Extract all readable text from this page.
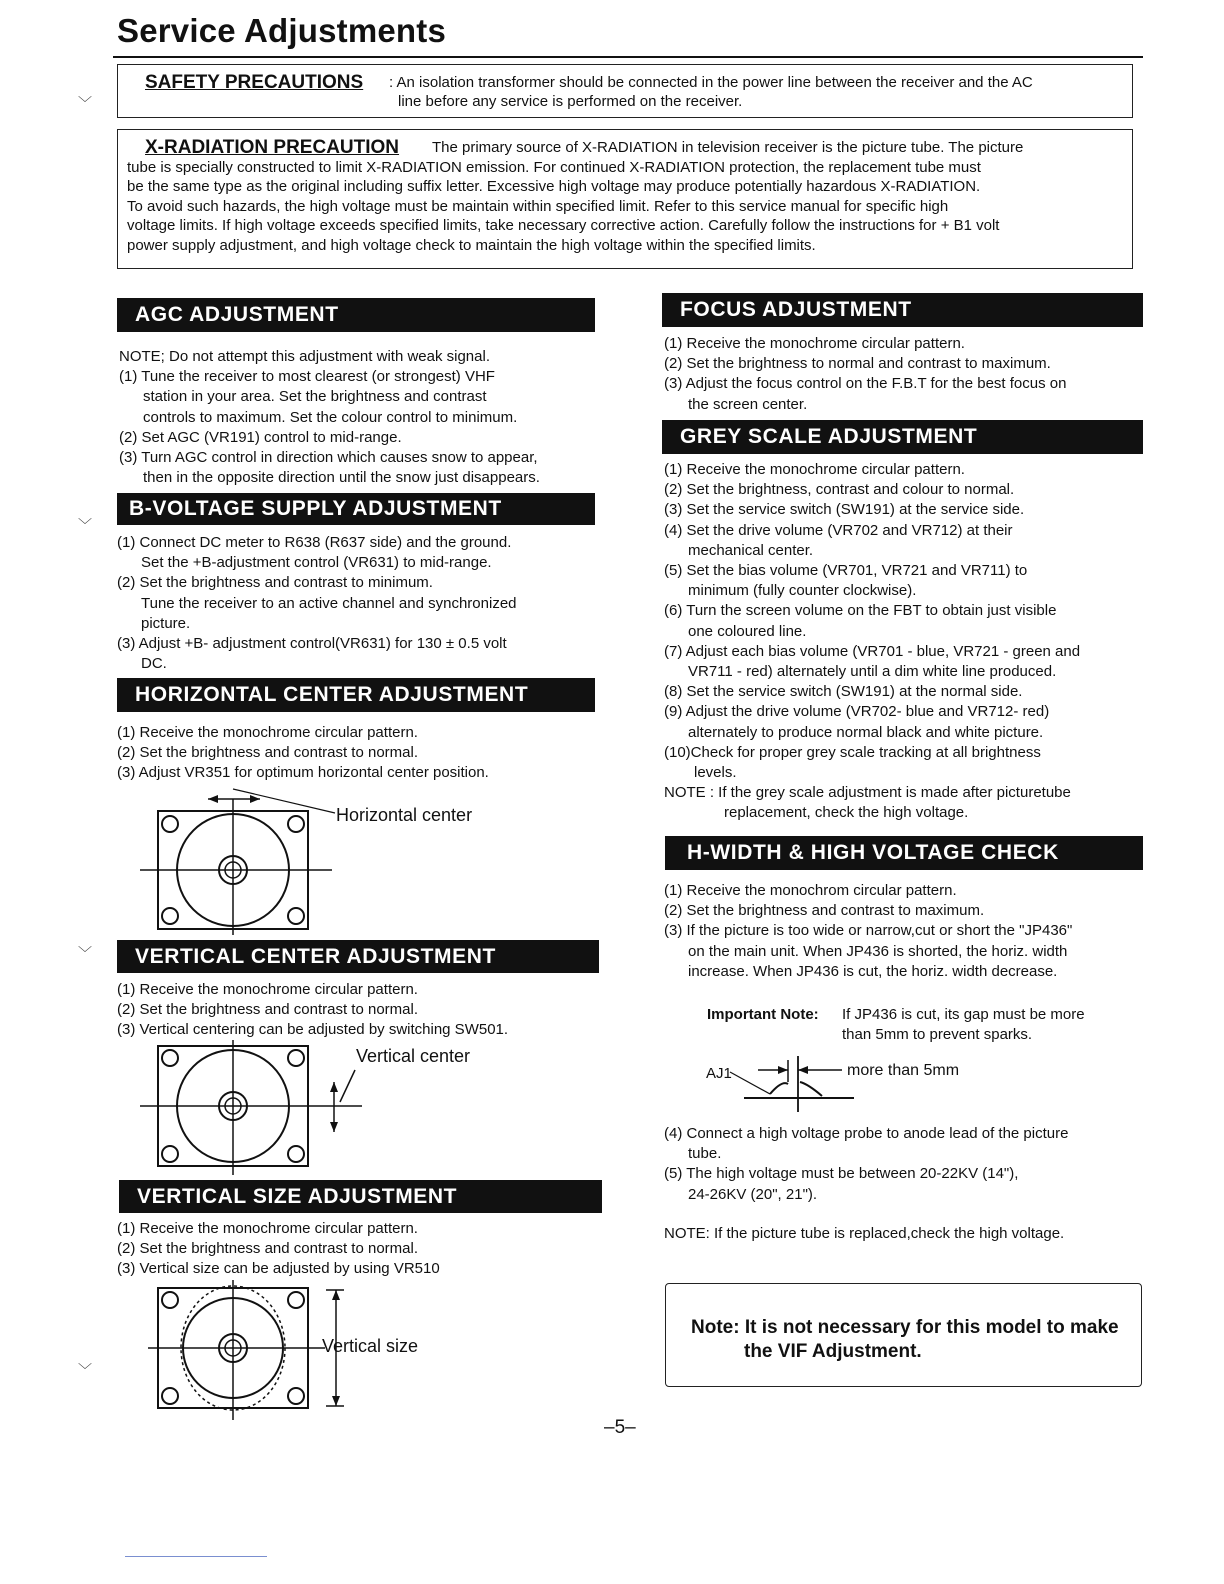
Service Adjustments
SAFETY PRECAUTIONS : An isolation transformer should be connected in the power line between the receiver and the AC
line before any service is performed on the receiver.
X-RADIATION PRECAUTION The primary source of X-RADIATION in television receiver is the picture tube. The picture
tube is specially constructed to limit X-RADIATION emission. For continued X-RADIATION protection, the replacement tube must
be the same type as the original including suffix letter. Excessive high voltage may produce potentially hazardous X-RADIATION.
To avoid such hazards, the high voltage must be maintain within specified limit. Refer to this service manual for specific high
voltage limits. If high voltage exceeds specified limits, take necessary corrective action. Carefully follow the instructions for + B1 volt
power supply adjustment, and high voltage check to maintain the high voltage within the specified limits.
﹀
﹀
﹀
﹀
AGC ADJUSTMENT

NOTE; Do not attempt this adjustment with weak signal.

(1) Tune the receiver to most clearest (or strongest) VHF

station in your area. Set the brightness and contrast

controls to maximum. Set the colour control to minimum.

(2) Set AGC (VR191) control to mid-range.

(3) Turn AGC control in direction which causes snow to appear,

then in the opposite direction until the snow just disappears.

B-VOLTAGE SUPPLY ADJUSTMENT

(1) Connect DC meter to R638 (R637 side) and the ground.

Set the +B-adjustment control (VR631) to mid-range.

(2) Set the brightness and contrast to minimum.

Tune the receiver to an active channel and synchronized

picture.

(3) Adjust +B- adjustment control(VR631) for 130 ± 0.5 volt

DC.

HORIZONTAL CENTER ADJUSTMENT

(1) Receive the monochrome circular pattern.

(2) Set the brightness and contrast to normal.

(3) Adjust VR351 for optimum horizontal center position.

Horizontal center
VERTICAL CENTER ADJUSTMENT

(1) Receive the monochrome circular pattern.

(2) Set the brightness and contrast to normal.

(3) Vertical centering can be adjusted by switching SW501.

Vertical center
VERTICAL SIZE ADJUSTMENT

(1) Receive the monochrome circular pattern.

(2) Set the brightness and contrast to normal.

(3) Vertical size can be adjusted by using VR510

Vertical size
FOCUS ADJUSTMENT

(1) Receive the monochrome circular pattern.

(2) Set the brightness to normal and contrast to maximum.

(3) Adjust the focus control on the F.B.T for the best focus on

the screen center.

GREY SCALE ADJUSTMENT

(1) Receive the monochrome circular pattern.

(2) Set the brightness, contrast and colour to normal.

(3) Set the service switch (SW191) at the service side.

(4) Set the drive volume (VR702 and VR712) at their

mechanical center.

(5) Set the bias volume (VR701, VR721 and VR711) to

minimum (fully counter clockwise).

(6) Turn the screen volume on the FBT to obtain just visible

one coloured line.

(7) Adjust each bias volume (VR701 - blue, VR721 - green and

VR711 - red) alternately until a dim white line produced.

(8) Set the service switch (SW191) at the normal side.

(9) Adjust the drive volume (VR702- blue and VR712- red)

alternately to produce normal black and white picture.

(10)Check for proper grey scale tracking at all brightness

levels.

NOTE : If the grey scale adjustment is made after picturetube

replacement, check the high voltage.

H-WIDTH & HIGH VOLTAGE CHECK

(1) Receive the monochrom circular pattern.

(2) Set the brightness and contrast to maximum.

(3) If the picture is too wide or narrow,cut or short the "JP436"

on the main unit. When JP436 is shorted, the horiz. width

increase. When JP436 is cut, the horiz. width decrease.

Important Note: If JP436 is cut, its gap must be more
than 5mm to prevent sparks.
AJ1	more than 5mm

(4) Connect a high voltage probe to anode lead of the picture

tube.

(5) The high voltage must be between 20-22KV (14"),

24-26KV (20", 21").

NOTE: If the picture tube is replaced,check the high voltage.
Note: It is not necessary for this model to make
the VIF Adjustment.
–5–
